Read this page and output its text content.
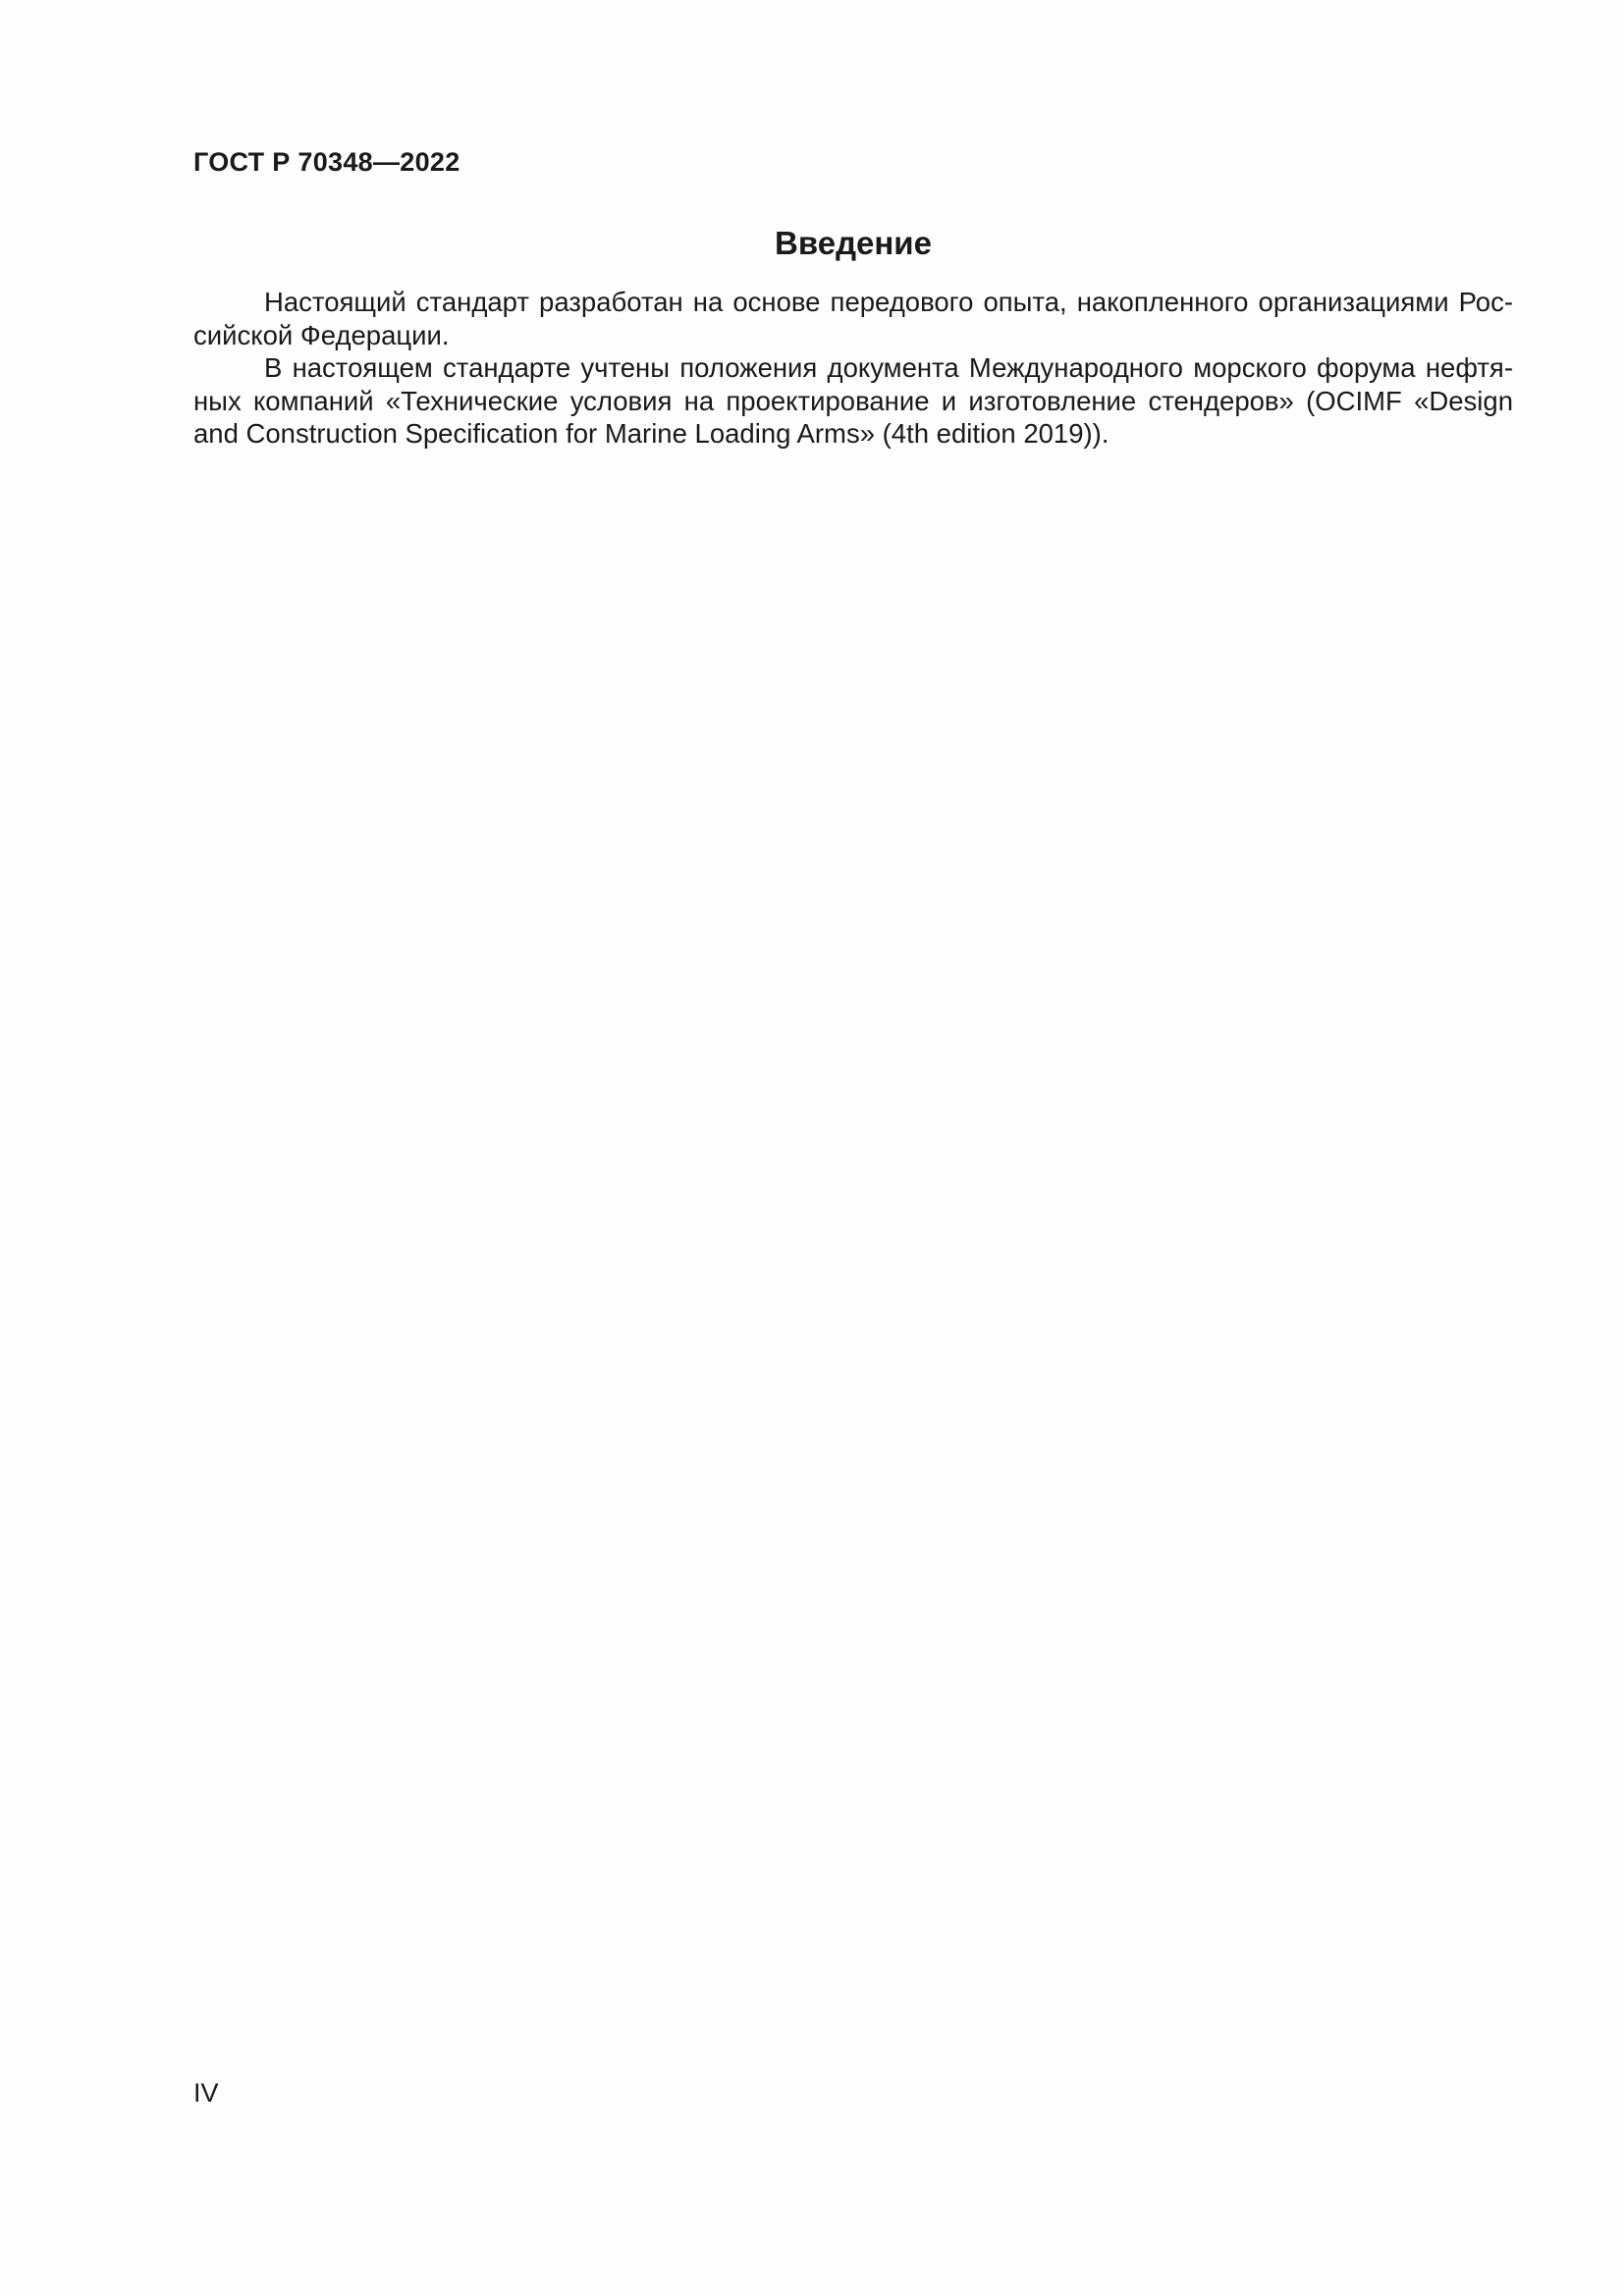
ГОСТ Р 70348—2022
Введение

Настоящий стандарт разработан на основе передового опыта, накопленного организациями Российской Федерации.

В настоящем стандарте учтены положения документа Международного морского форума нефтяных компаний «Технические условия на проектирование и изготовление стендеров» (OCIMF «Design and Construction Specification for Marine Loading Arms» (4th edition 2019)).

IV
